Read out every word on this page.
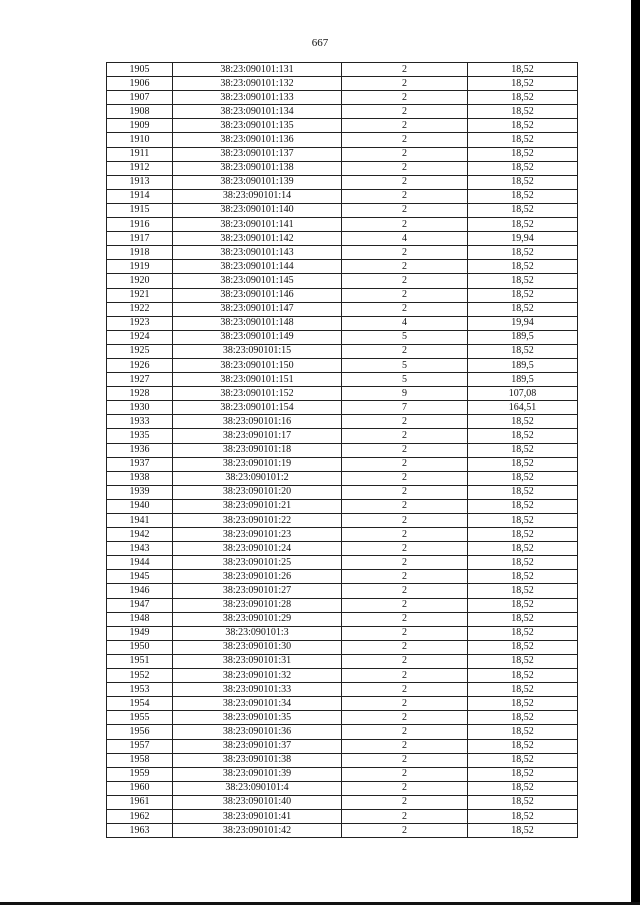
667
1905	38:23:090101:131	2	18,52
1906	38:23:090101:132	2	18,52
1907	38:23:090101:133	2	18,52
1908	38:23:090101:134	2	18,52
1909	38:23:090101:135	2	18,52
1910	38:23:090101:136	2	18,52
1911	38:23:090101:137	2	18,52
1912	38:23:090101:138	2	18,52
1913	38:23:090101:139	2	18,52
1914	38:23:090101:14	2	18,52
1915	38:23:090101:140	2	18,52
1916	38:23:090101:141	2	18,52
1917	38:23:090101:142	4	19,94
1918	38:23:090101:143	2	18,52
1919	38:23:090101:144	2	18,52
1920	38:23:090101:145	2	18,52
1921	38:23:090101:146	2	18,52
1922	38:23:090101:147	2	18,52
1923	38:23:090101:148	4	19,94
1924	38:23:090101:149	5	189,5
1925	38:23:090101:15	2	18,52
1926	38:23:090101:150	5	189,5
1927	38:23:090101:151	5	189,5
1928	38:23:090101:152	9	107,08
1930	38:23:090101:154	7	164,51
1933	38:23:090101:16	2	18,52
1935	38:23:090101:17	2	18,52
1936	38:23:090101:18	2	18,52
1937	38:23:090101:19	2	18,52
1938	38:23:090101:2	2	18,52
1939	38:23:090101:20	2	18,52
1940	38:23:090101:21	2	18,52
1941	38:23:090101:22	2	18,52
1942	38:23:090101:23	2	18,52
1943	38:23:090101:24	2	18,52
1944	38:23:090101:25	2	18,52
1945	38:23:090101:26	2	18,52
1946	38:23:090101:27	2	18,52
1947	38:23:090101:28	2	18,52
1948	38:23:090101:29	2	18,52
1949	38:23:090101:3	2	18,52
1950	38:23:090101:30	2	18,52
1951	38:23:090101:31	2	18,52
1952	38:23:090101:32	2	18,52
1953	38:23:090101:33	2	18,52
1954	38:23:090101:34	2	18,52
1955	38:23:090101:35	2	18,52
1956	38:23:090101:36	2	18,52
1957	38:23:090101:37	2	18,52
1958	38:23:090101:38	2	18,52
1959	38:23:090101:39	2	18,52
1960	38:23:090101:4	2	18,52
1961	38:23:090101:40	2	18,52
1962	38:23:090101:41	2	18,52
1963	38:23:090101:42	2	18,52
